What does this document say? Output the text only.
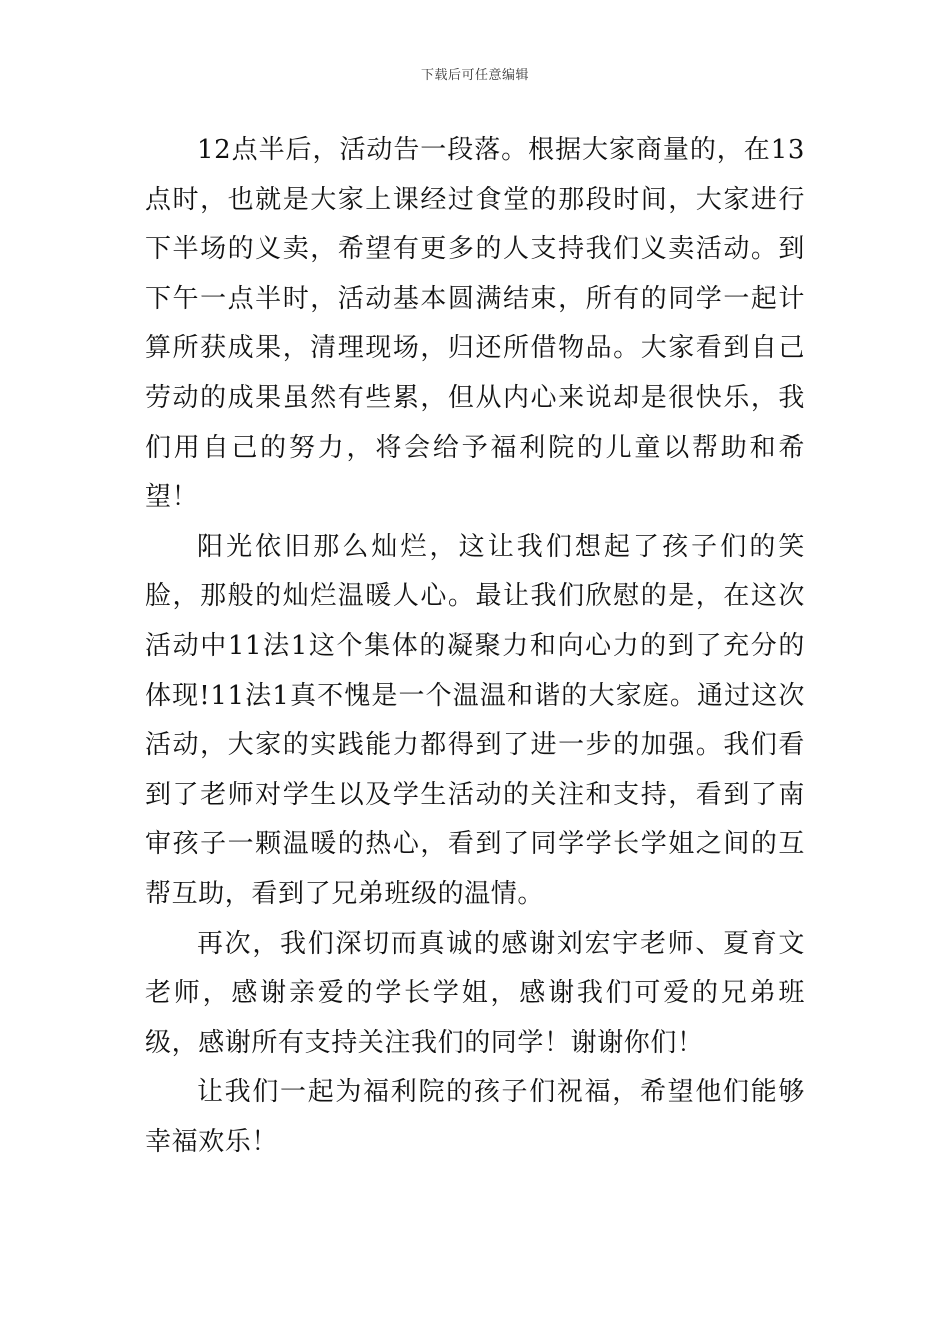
下载后可任意编辑

12点半后，活动告一段落。根据大家商量的，在13点时，也就是大家上课经过食堂的那段时间，大家进行下半场的义卖，希望有更多的人支持我们义卖活动。到下午一点半时，活动基本圆满结束，所有的同学一起计算所获成果，清理现场，归还所借物品。大家看到自己劳动的成果虽然有些累，但从内心来说却是很快乐，我们用自己的努力，将会给予福利院的儿童以帮助和希望！

阳光依旧那么灿烂，这让我们想起了孩子们的笑脸，那般的灿烂温暖人心。最让我们欣慰的是，在这次活动中11法1这个集体的凝聚力和向心力的到了充分的体现!11法1真不愧是一个温温和谐的大家庭。通过这次活动，大家的实践能力都得到了进一步的加强。我们看到了老师对学生以及学生活动的关注和支持，看到了南审孩子一颗温暖的热心，看到了同学学长学姐之间的互帮互助，看到了兄弟班级的温情。

再次，我们深切而真诚的感谢刘宏宇老师、夏育文老师，感谢亲爱的学长学姐，感谢我们可爱的兄弟班级，感谢所有支持关注我们的同学！谢谢你们！

让我们一起为福利院的孩子们祝福，希望他们能够幸福欢乐！
